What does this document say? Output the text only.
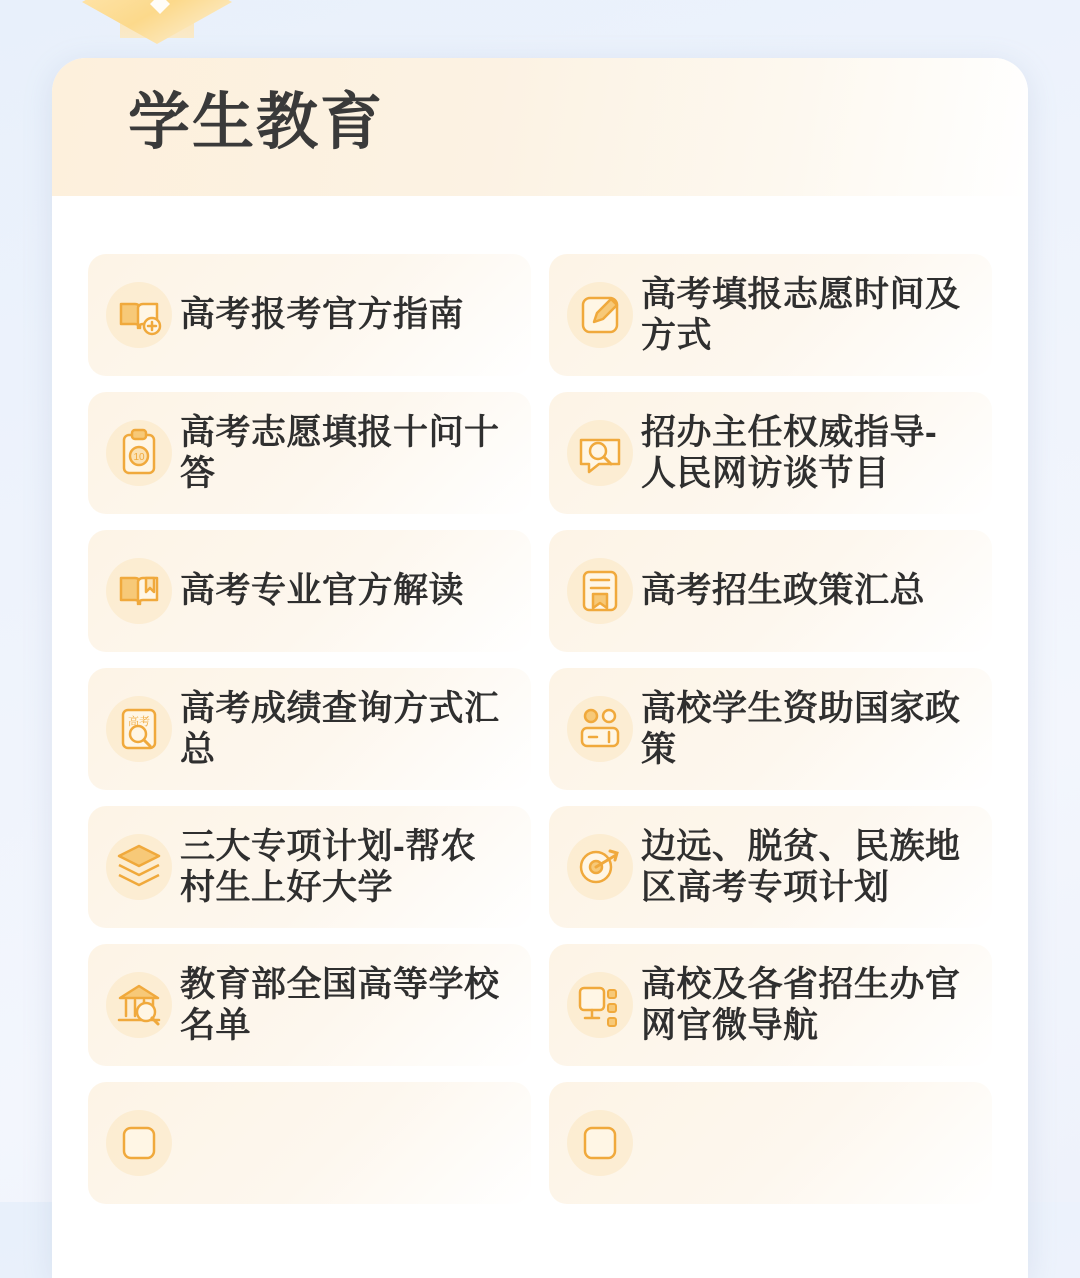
学生教育
高考报考官方指南
高考填报志愿时间及方式
10
高考志愿填报十问十答
招办主任权威指导-人民网访谈节目
高考专业官方解读	高考招生政策汇总
高考 高考成绩查询方式汇总
高校学生资助国家政策
三大专项计划-帮农村生上好大学
边远、脱贫、民族地区高考专项计划
教育部全国高等学校名单
高校及各省招生办官网官微导航
